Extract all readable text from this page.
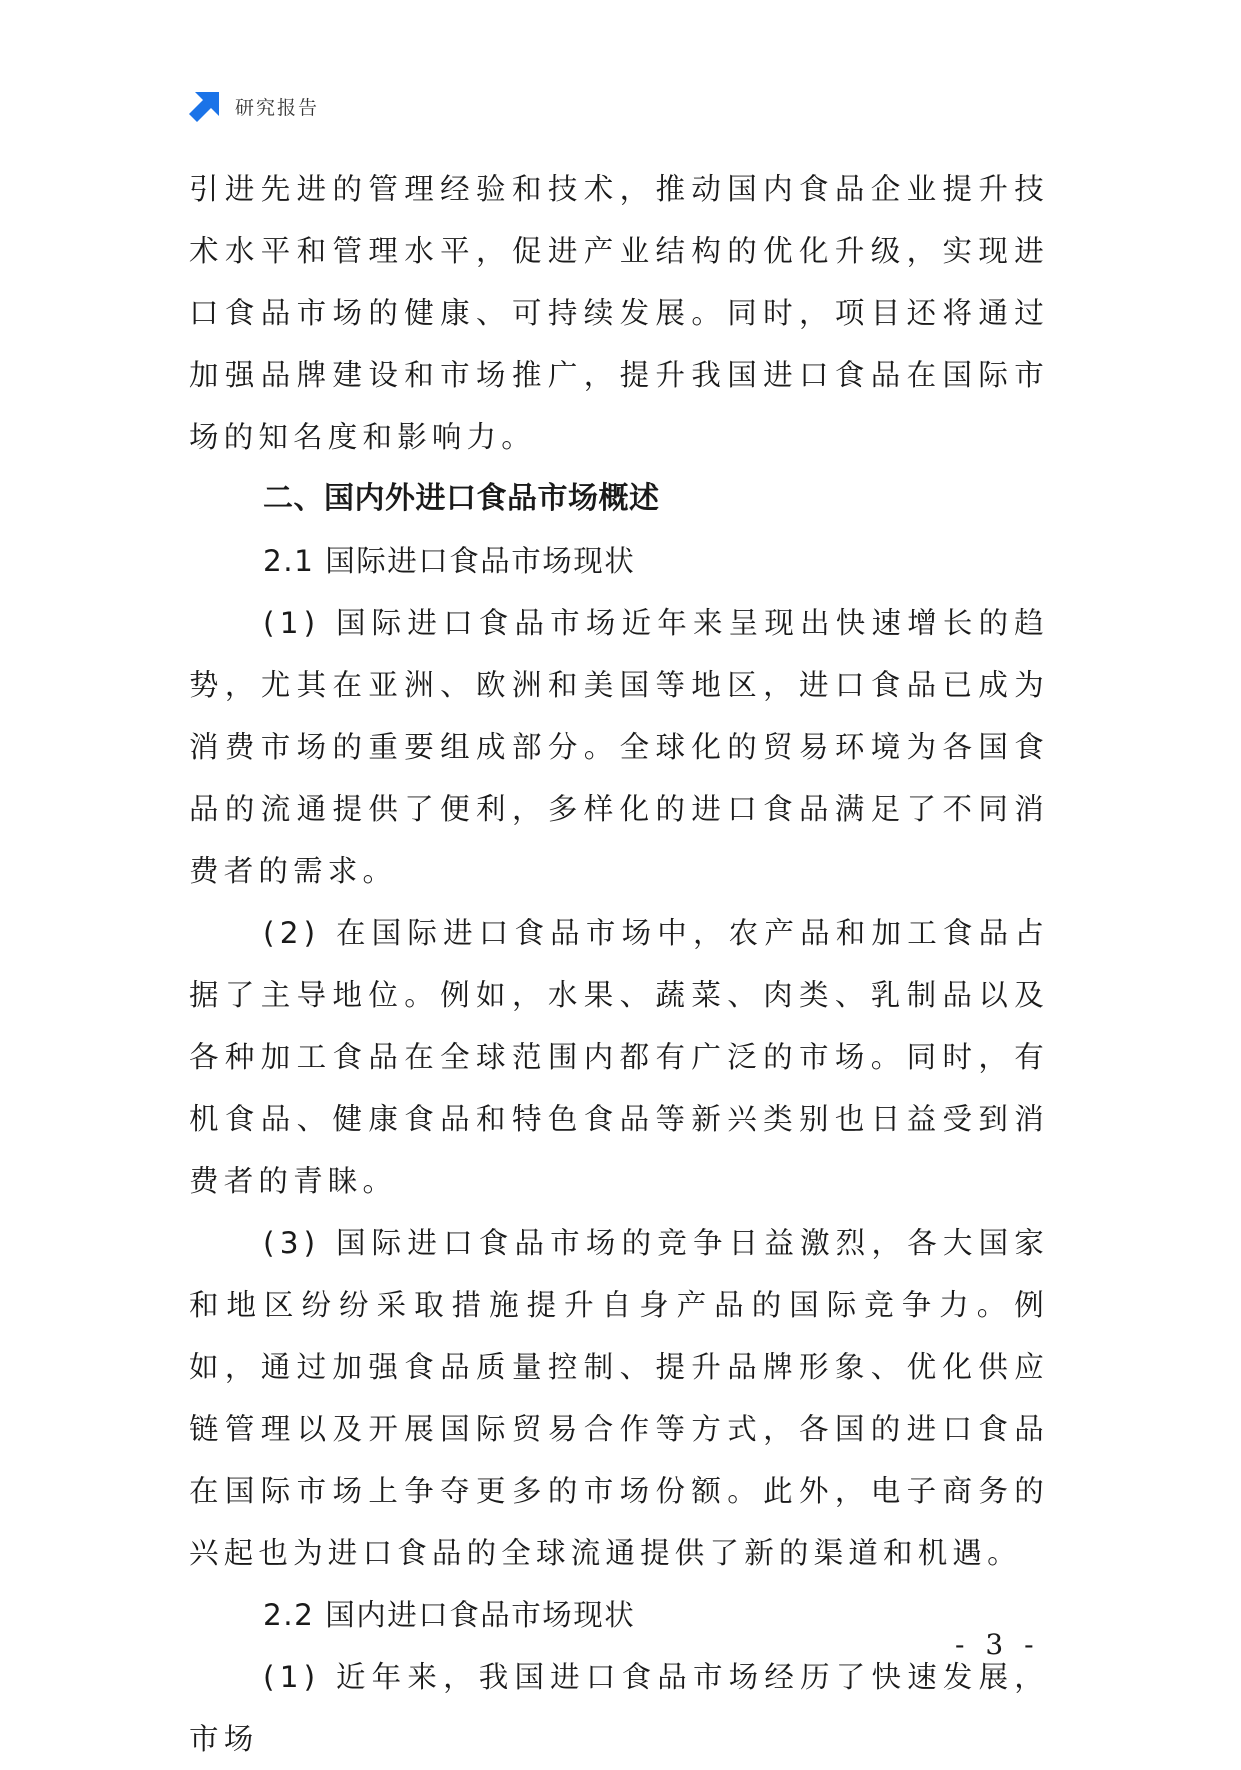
研究报告

引进先进的管理经验和技术，推动国内食品企业提升技术水平和管理水平，促进产业结构的优化升级，实现进口食品市场的健康、可持续发展。同时，项目还将通过加强品牌建设和市场推广，提升我国进口食品在国际市场的知名度和影响力。

二、国内外进口食品市场概述

2.1 国际进口食品市场现状

(1) 国际进口食品市场近年来呈现出快速增长的趋势，尤其在亚洲、欧洲和美国等地区，进口食品已成为消费市场的重要组成部分。全球化的贸易环境为各国食品的流通提供了便利，多样化的进口食品满足了不同消费者的需求。

(2) 在国际进口食品市场中，农产品和加工食品占据了主导地位。例如，水果、蔬菜、肉类、乳制品以及各种加工食品在全球范围内都有广泛的市场。同时，有机食品、健康食品和特色食品等新兴类别也日益受到消费者的青睐。

(3) 国际进口食品市场的竞争日益激烈，各大国家和地区纷纷采取措施提升自身产品的国际竞争力。例如，通过加强食品质量控制、提升品牌形象、优化供应链管理以及开展国际贸易合作等方式，各国的进口食品在国际市场上争夺更多的市场份额。此外，电子商务的兴起也为进口食品的全球流通提供了新的渠道和机遇。

2.2 国内进口食品市场现状

(1) 近年来，我国进口食品市场经历了快速发展，市场

- 3 -
